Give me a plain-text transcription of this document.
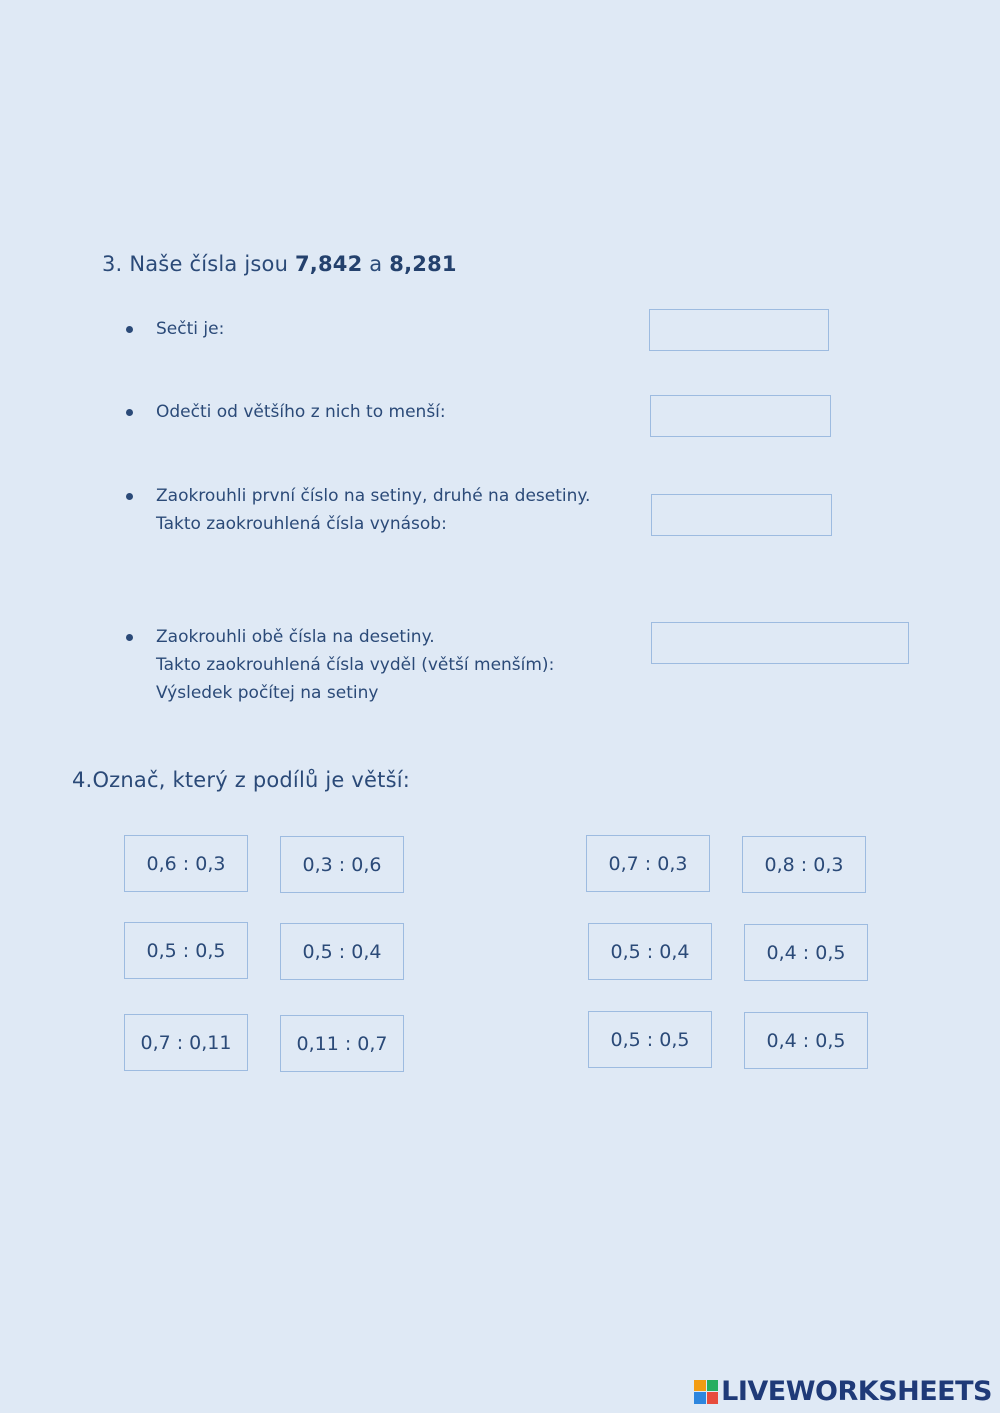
3. Naše čísla jsou 7,842 a 8,281
Sečti je:
Odečti od většího z nich to menší:
Zaokrouhli první číslo na setiny, druhé na desetiny.
Takto zaokrouhlená čísla vynásob:
Zaokrouhli obě čísla na desetiny.
Takto zaokrouhlená čísla vyděl (větší menším):
Výsledek počítej na setiny
4.Označ, který z podílů je větší:
0,6 : 0,3	0,3 : 0,6	0,7 : 0,3	0,8 : 0,3
0,5 : 0,5	0,5 : 0,4	0,5 : 0,4	0,4 : 0,5
0,7 : 0,11	0,11 : 0,7	0,5 : 0,5	0,4 : 0,5
LIVEWORKSHEETS
